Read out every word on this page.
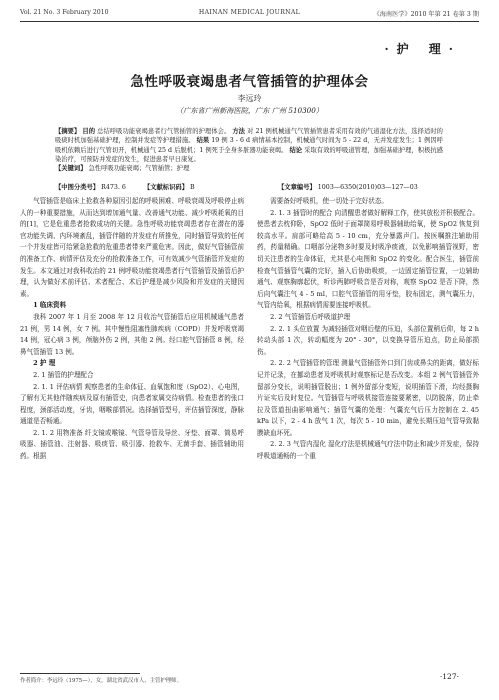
Vol. 21 No. 3 February 2010	HAINAN MEDICAL JOURNAL	《海南医学》2010 年第 21 卷第 3 期
·护 理·
急性呼吸衰竭患者气管插管的护理体会
李远玲
（广东省广州新海医院，广东 广州 510300）
【摘要】 目的 总结呼吸功能衰竭患者行气管插管的护理体会。 方法 对 21 例机械通气气管插管患者采用有效的气道湿化方法，选择适时的吸痰时机加强基础护理，控制并发症等护理措施。 结果 19 例 3 - 6 d 病情基本控制，机械通气时间为 5 - 22 d，无并发症发生；1 例因呼吸机依赖后进行气管切开，机械通气 25 d 后脱机；1 例死于全身多脏器功能衰竭。 结论 采取有效的呼吸道管理，加强基础护理，积极抗感染治疗，可预防并发症的发生，促进患者早日康复。
【关键词】 急性呼吸功能衰竭；气管插管；护理
【中图分类号】 R473. 6	【文献标识码】 B	【文章编号】 1003—6350(2010)03—127—03

气管插管是临床上抢救各种原因引起的呼吸困难、呼吸衰竭及呼吸停止病人的一种重要措施，从而达到增加通气量、改善通气功能、减少呼吸耗氧的目的[1]，它是危重患者抢救成功的关键。急性呼吸功能衰竭患者存在潜在的器官功能失调、内环境紊乱，插管伴随的并发症有所推免，同时插管导致的任何一个并发症皆可给紧急抢救的危重患者带来严重危害。因此，做好气管插管前的准备工作、病情评估及充分的抢救准备工作，可有效减少气管插管并发症的发生。本文通过对我科收治的 21 例呼吸功能衰竭患者行气管插管及插管后护理，认为做好术前评估、术者配合、术后护理是减少风险和并发症的关键因素。

1 临床资料

我科 2007 年 1 月至 2008 年 12 月收治气管插管后应用机械通气患者 21 例，男 14 例，女 7 例。其中慢性阻塞性肺疾病（COPD）并发呼吸衰竭 14 例，冠心病 3 例，颅脑外伤 2 例，其他 2 例。经口腔气管插管 8 例，经鼻气管插管 13 例。

2 护 理

2. 1 插管的护理配合

2. 1. 1 评估病情 观察患者的生命体征、血氧饱和度（SpO2）、心电图，了解有无其他伴随疾病及原有插管史，向患者家属交待病情。检查患者的张口程度，颈部活动度，牙齿，咽喉部情况。选择插管型号，评估插管深度，静脉通道是否畅通。

2. 1. 2 用物准备 纤支镜或喉镜、气管导管及导丝、牙垫、面罩、简易呼吸器、插管油、注射器、吸痰管、吸引器、抢救车、无菌手套、插管辅助用药。根据

需要备好呼吸机，使一切处于完好状态。

2. 1. 3 插管时的配合 向清醒患者做好解释工作，使其放松并积极配合。使患者去枕仰卧，SpO2 低时于面罩简易呼吸器辅助给氧，使 SpO2 恢复到较高水平。肩部可略给高 5 - 10 cm，充分暴露声门。按医嘱推注辅助用药，药量精确。口咽部分泌物多时要及时吸净痰液，以免影响插管视野，密切关注患者的生命体征，尤其是心电图和 SpO2 的变化。配合医生，插管前检查气管插管气囊的完好，插入后协助吸痰，一边固定插管位置，一边辅助通气、观察胸廓起伏，听诊两肺呼吸音是否对称，观察 SpO2 是否下降，然后向气囊注气 4 - 5 ml，口腔气管插管的用牙垫，胶布固定，测气囊压力，气管内给氧，根据病情需要连接呼吸机。

2. 2 气管插管后呼吸道护理

2. 2. 1 头位放置 为减轻插管对咽后壁的压迫，头部位置稍后仰，每 2 h 转动头部 1 次，转动幅度为 20° - 30°，以变换导管压迫点，防止局部损伤。

2. 2. 2 气管插管的管理 测量气管插管外口到门齿或鼻尖的距离，做好标记并记录，在挪动患者及呼吸机时观察标记是否改变。本组 2 例气管插管外留部分变长，说明插管脱出；1 例外留部分变短，说明插管下滑，均经摄胸片证实后及时复位。气管插管与呼吸机接管连接要紧密，以防脱落，防止牵拉及管道扭曲影响通气；插管气囊的处理：气囊充气后压力控制在 2. 45 kPa 以下，2 - 4 h 放气 1 次，每次 5 - 10 min，避免长期压迫气管导致黏膜缺血坏死。

2. 2. 3 气管内湿化 湿化疗法是机械通气疗法中防止和减少并发症，保持呼吸道通畅的一个重

作者简介：李远玲（1975—），女，湖北省武汉市人，主管护理师。	·127·
